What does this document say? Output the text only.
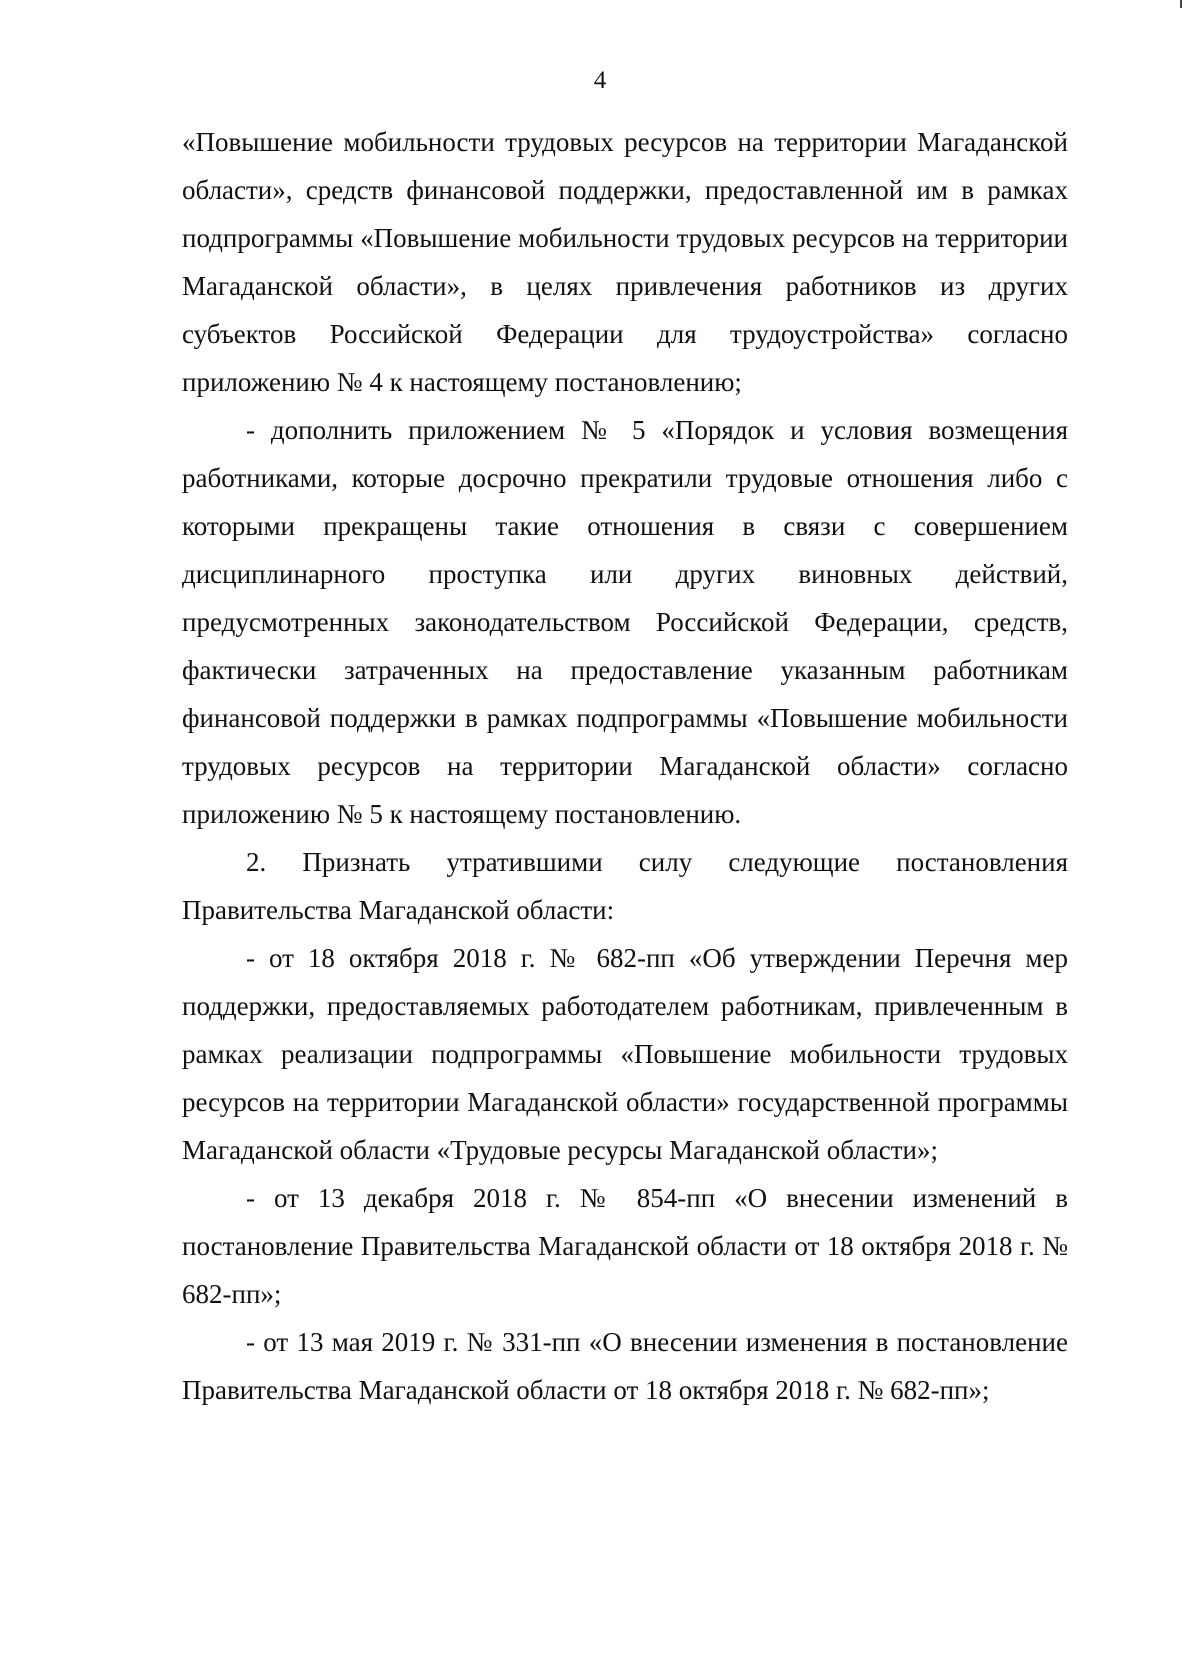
4

«Повышение мобильности трудовых ресурсов на территории Магаданской области», средств финансовой поддержки, предоставленной им в рамках подпрограммы «Повышение мобильности трудовых ресурсов на территории Магаданской области», в целях привлечения работников из других субъектов Российской Федерации для трудоустройства» согласно приложению № 4 к настоящему постановлению;

- дополнить приложением № 5 «Порядок и условия возмещения работниками, которые досрочно прекратили трудовые отношения либо с которыми прекращены такие отношения в связи с совершением дисциплинарного проступка или других виновных действий, предусмотренных законодательством Российской Федерации, средств, фактически затраченных на предоставление указанным работникам финансовой поддержки в рамках подпрограммы «Повышение мобильности трудовых ресурсов на территории Магаданской области» согласно приложению № 5 к настоящему постановлению.

2. Признать утратившими силу следующие постановления Правительства Магаданской области:

- от 18 октября 2018 г. № 682-пп «Об утверждении Перечня мер поддержки, предоставляемых работодателем работникам, привлеченным в рамках реализации подпрограммы «Повышение мобильности трудовых ресурсов на территории Магаданской области» государственной программы Магаданской области «Трудовые ресурсы Магаданской области»;

- от 13 декабря 2018 г. № 854-пп «О внесении изменений в постановление Правительства Магаданской области от 18 октября 2018 г. № 682-пп»;

- от 13 мая 2019 г. № 331-пп «О внесении изменения в постановление Правительства Магаданской области от 18 октября 2018 г. № 682-пп»;
